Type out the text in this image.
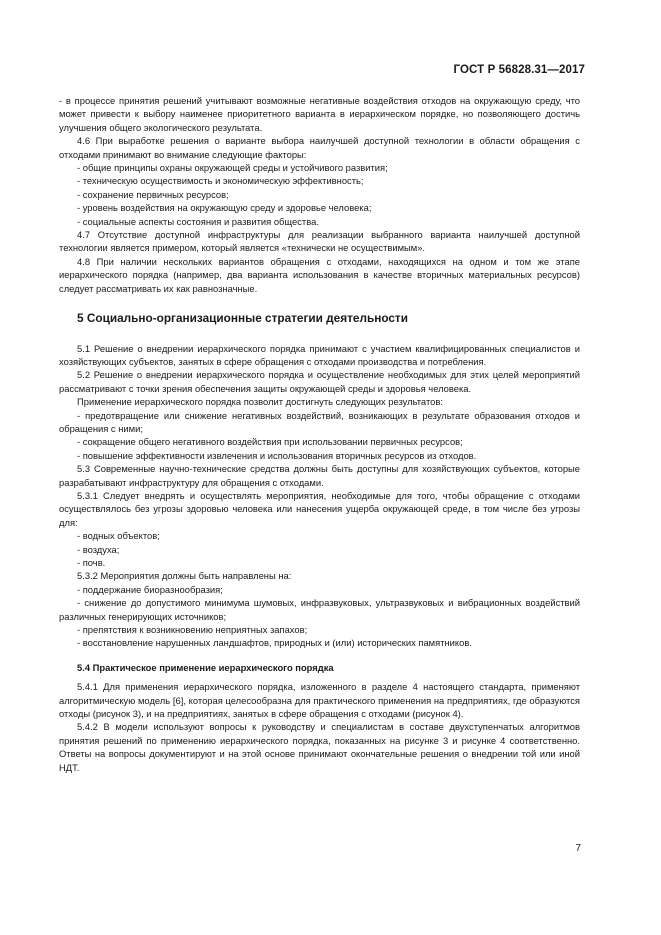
ГОСТ Р 56828.31—2017

- в процессе принятия решений учитывают возможные негативные воздействия отходов на окружающую среду, что может привести к выбору наименее приоритетного варианта в иерархическом порядке, но позволяющего достичь улучшения общего экологического результата.

4.6 При выработке решения о варианте выбора наилучшей доступной технологии в области обращения с отходами принимают во внимание следующие факторы:

- общие принципы охраны окружающей среды и устойчивого развития;

- техническую осуществимость и экономическую эффективность;

- сохранение первичных ресурсов;

- уровень воздействия на окружающую среду и здоровье человека;

- социальные аспекты состояния и развития общества.

4.7 Отсутствие доступной инфраструктуры для реализации выбранного варианта наилучшей доступной технологии является примером, который является «технически не осуществимым».

4.8 При наличии нескольких вариантов обращения с отходами, находящихся на одном и том же этапе иерархического порядка (например, два варианта использования в качестве вторичных материальных ресурсов) следует рассматривать их как равнозначные.

5 Социально-организационные стратегии деятельности

5.1 Решение о внедрении иерархического порядка принимают с участием квалифицированных специалистов и хозяйствующих субъектов, занятых в сфере обращения с отходами производства и потребления.

5.2 Решение о внедрении иерархического порядка и осуществление необходимых для этих целей мероприятий рассматривают с точки зрения обеспечения защиты окружающей среды и здоровья человека.

Применение иерархического порядка позволит достигнуть следующих результатов:

- предотвращение или снижение негативных воздействий, возникающих в результате образования отходов и обращения с ними;

- сокращение общего негативного воздействия при использовании первичных ресурсов;

- повышение эффективности извлечения и использования вторичных ресурсов из отходов.

5.3 Современные научно-технические средства должны быть доступны для хозяйствующих субъектов, которые разрабатывают инфраструктуру для обращения с отходами.

5.3.1 Следует внедрять и осуществлять мероприятия, необходимые для того, чтобы обращение с отходами осуществлялось без угрозы здоровью человека или нанесения ущерба окружающей среде, в том числе без угрозы для:

- водных объектов;

- воздуха;

- почв.

5.3.2 Мероприятия должны быть направлены на:

- поддержание биоразнообразия;

- снижение до допустимого минимума шумовых, инфразвуковых, ультразвуковых и вибрационных воздействий различных генерирующих источников;

- препятствия к возникновению неприятных запахов;

- восстановление нарушенных ландшафтов, природных и (или) исторических памятников.

5.4 Практическое применение иерархического порядка

5.4.1 Для применения иерархического порядка, изложенного в разделе 4 настоящего стандарта, применяют алгоритмическую модель [6], которая целесообразна для практического применения на предприятиях, где образуются отходы (рисунок 3), и на предприятиях, занятых в сфере обращения с отходами (рисунок 4).

5.4.2 В модели используют вопросы к руководству и специалистам в составе двухступенчатых алгоритмов принятия решений по применению иерархического порядка, показанных на рисунке 3 и рисунке 4 соответственно. Ответы на вопросы документируют и на этой основе принимают окончательные решения о внедрении той или иной НДТ.

7
